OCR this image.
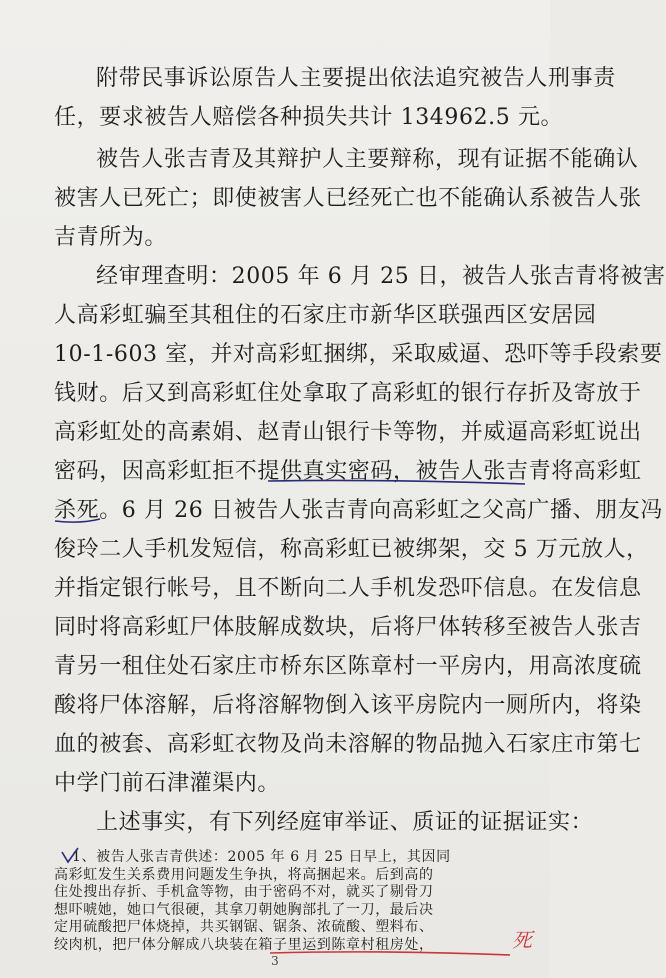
附带民事诉讼原告人主要提出依法追究被告人刑事责
任，要求被告人赔偿各种损失共计 134962.5 元。
被告人张吉青及其辩护人主要辩称，现有证据不能确认
被害人已死亡；即使被害人已经死亡也不能确认系被告人张
吉青所为。
经审理查明：2005 年 6 月 25 日，被告人张吉青将被害
人高彩虹骗至其租住的石家庄市新华区联强西区安居园
10-1-603 室，并对高彩虹捆绑，采取威逼、恐吓等手段索要
钱财。后又到高彩虹住处拿取了高彩虹的银行存折及寄放于
高彩虹处的高素娟、赵青山银行卡等物，并威逼高彩虹说出
密码，因高彩虹拒不提供真实密码，被告人张吉青将高彩虹
杀死。6 月 26 日被告人张吉青向高彩虹之父高广播、朋友冯
俊玲二人手机发短信，称高彩虹已被绑架，交 5 万元放人，
并指定银行帐号，且不断向二人手机发恐吓信息。在发信息
同时将高彩虹尸体肢解成数块，后将尸体转移至被告人张吉
青另一租住处石家庄市桥东区陈章村一平房内，用高浓度硫
酸将尸体溶解，后将溶解物倒入该平房院内一厕所内，将染
血的被套、高彩虹衣物及尚未溶解的物品抛入石家庄市第七
中学门前石津灌渠内。
上述事实，有下列经庭审举证、质证的证据证实：
1、被告人张吉青供述：2005 年 6 月 25 日早上，其因同
高彩虹发生关系费用问题发生争执，将高捆起来。后到高的
住处搜出存折、手机盒等物，由于密码不对，就买了剔骨刀
想吓唬她，她口气很硬，其拿刀朝她胸部扎了一刀，最后决
定用硫酸把尸体烧掉，共买钢锯、锯条、浓硫酸、塑料布、
绞肉机，把尸体分解成八块装在箱子里运到陈章村租房处，	死
3
